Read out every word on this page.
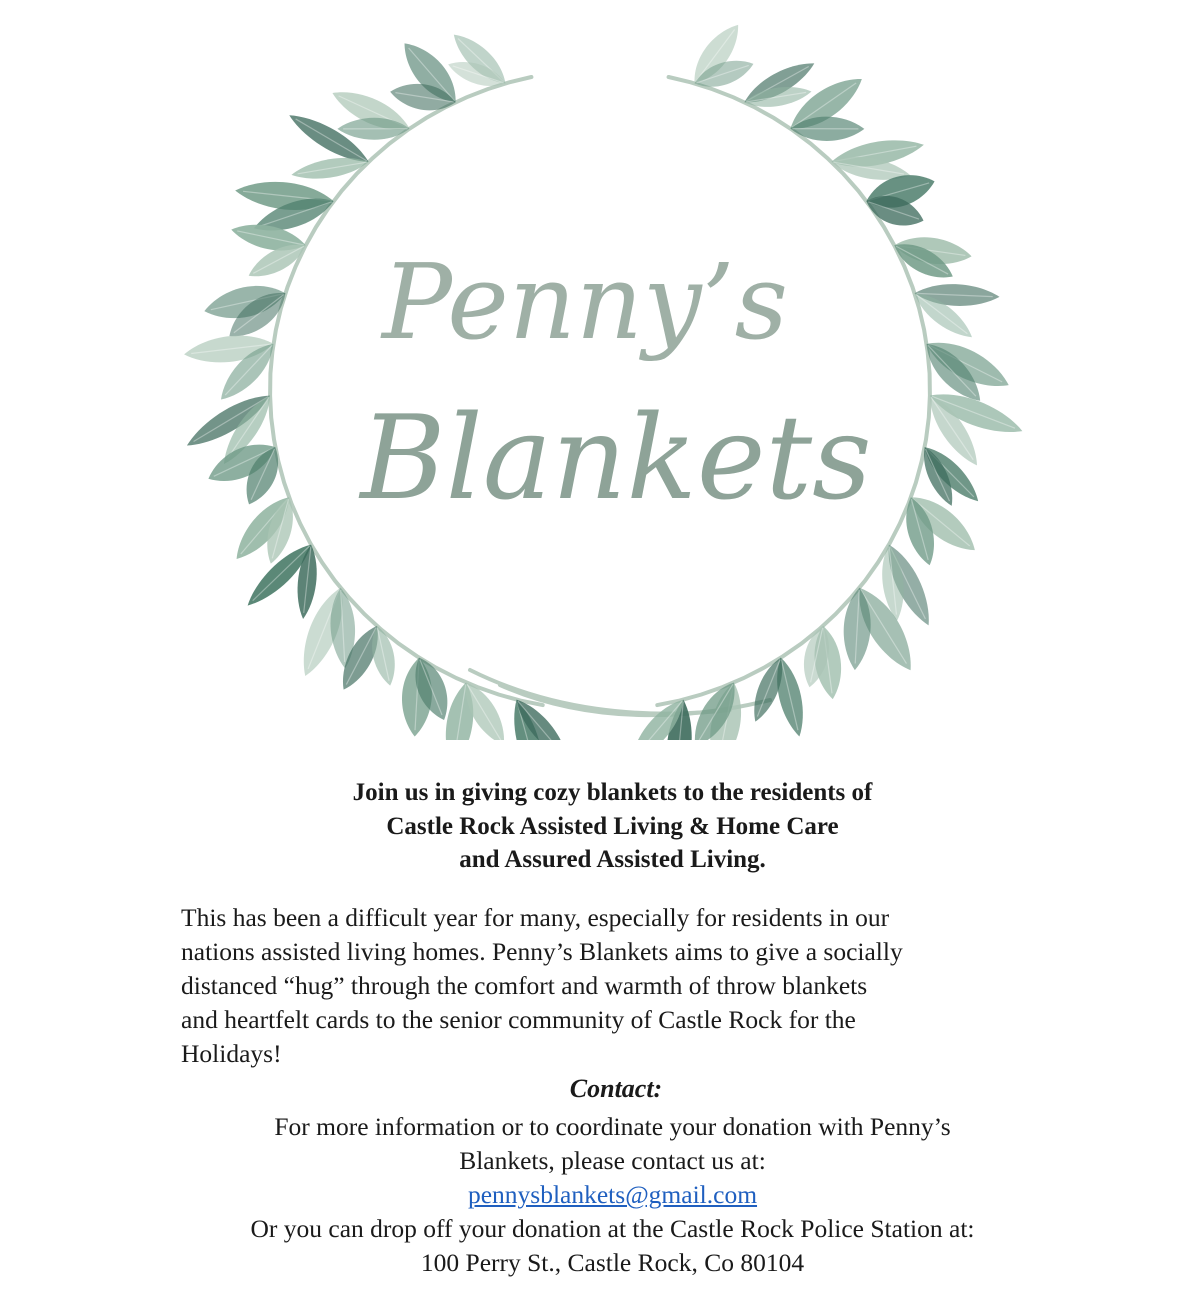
Penny’s
Blankets
Join us in giving cozy blankets to the residents of
Castle Rock Assisted Living & Home Care
and Assured Assisted Living.
This has been a difficult year for many, especially for residents in our
nations assisted living homes. Penny’s Blankets aims to give a socially
distanced “hug” through the comfort and warmth of throw blankets
and heartfelt cards to the senior community of Castle Rock for the
Holidays!
Contact:
For more information or to coordinate your donation with Penny’s
Blankets, please contact us at:
pennysblankets@gmail.com
Or you can drop off your donation at the Castle Rock Police Station at:
100 Perry St., Castle Rock, Co 80104
